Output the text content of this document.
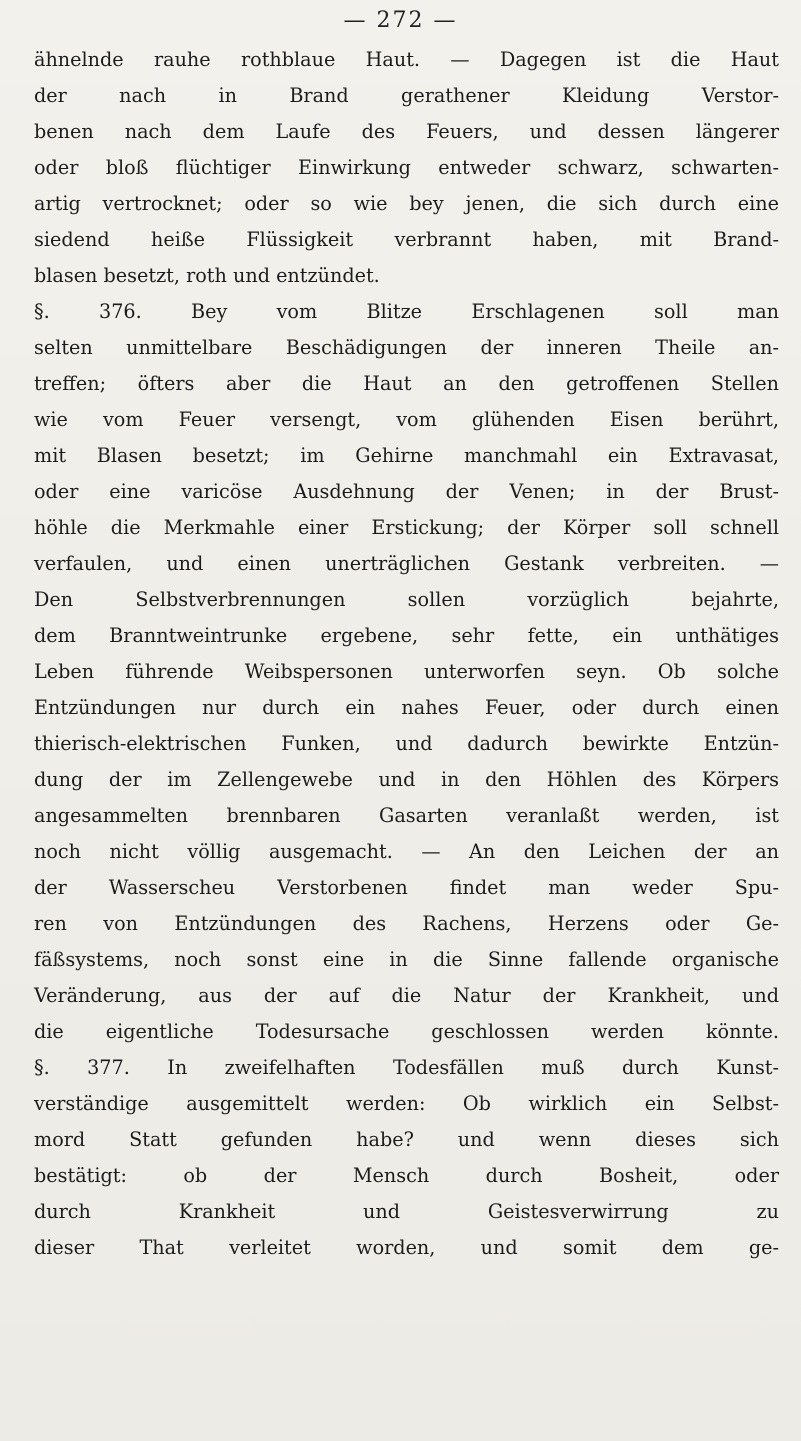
— 272 —
ähnelnde rauhe rothblaue Haut. — Dagegen ist die Haut
der nach in Brand gerathener Kleidung Verstor-
benen nach dem Laufe des Feuers, und dessen längerer
oder bloß flüchtiger Einwirkung entweder schwarz, schwarten-
artig vertrocknet; oder so wie bey jenen, die sich durch eine
siedend heiße Flüssigkeit verbrannt haben, mit Brand-
blasen besetzt, roth und entzündet.
§. 376. Bey vom Blitze Erschlagenen soll man
selten unmittelbare Beschädigungen der inneren Theile an-
treffen; öfters aber die Haut an den getroffenen Stellen
wie vom Feuer versengt, vom glühenden Eisen berührt,
mit Blasen besetzt; im Gehirne manchmahl ein Extravasat,
oder eine varicöse Ausdehnung der Venen; in der Brust-
höhle die Merkmahle einer Erstickung; der Körper soll schnell
verfaulen, und einen unerträglichen Gestank verbreiten. —
Den Selbstverbrennungen sollen vorzüglich bejahrte,
dem Branntweintrunke ergebene, sehr fette, ein unthätiges
Leben führende Weibspersonen unterworfen seyn. Ob solche
Entzündungen nur durch ein nahes Feuer, oder durch einen
thierisch-elektrischen Funken, und dadurch bewirkte Entzün-
dung der im Zellengewebe und in den Höhlen des Körpers
angesammelten brennbaren Gasarten veranlaßt werden, ist
noch nicht völlig ausgemacht. — An den Leichen der an
der Wasserscheu Verstorbenen findet man weder Spu-
ren von Entzündungen des Rachens, Herzens oder Ge-
fäßsystems, noch sonst eine in die Sinne fallende organische
Veränderung, aus der auf die Natur der Krankheit, und
die eigentliche Todesursache geschlossen werden könnte.
§. 377. In zweifelhaften Todesfällen muß durch Kunst-
verständige ausgemittelt werden: Ob wirklich ein Selbst-
mord Statt gefunden habe? und wenn dieses sich
bestätigt: ob der Mensch durch Bosheit, oder
durch Krankheit und Geistesverwirrung zu
dieser That verleitet worden, und somit dem ge-
